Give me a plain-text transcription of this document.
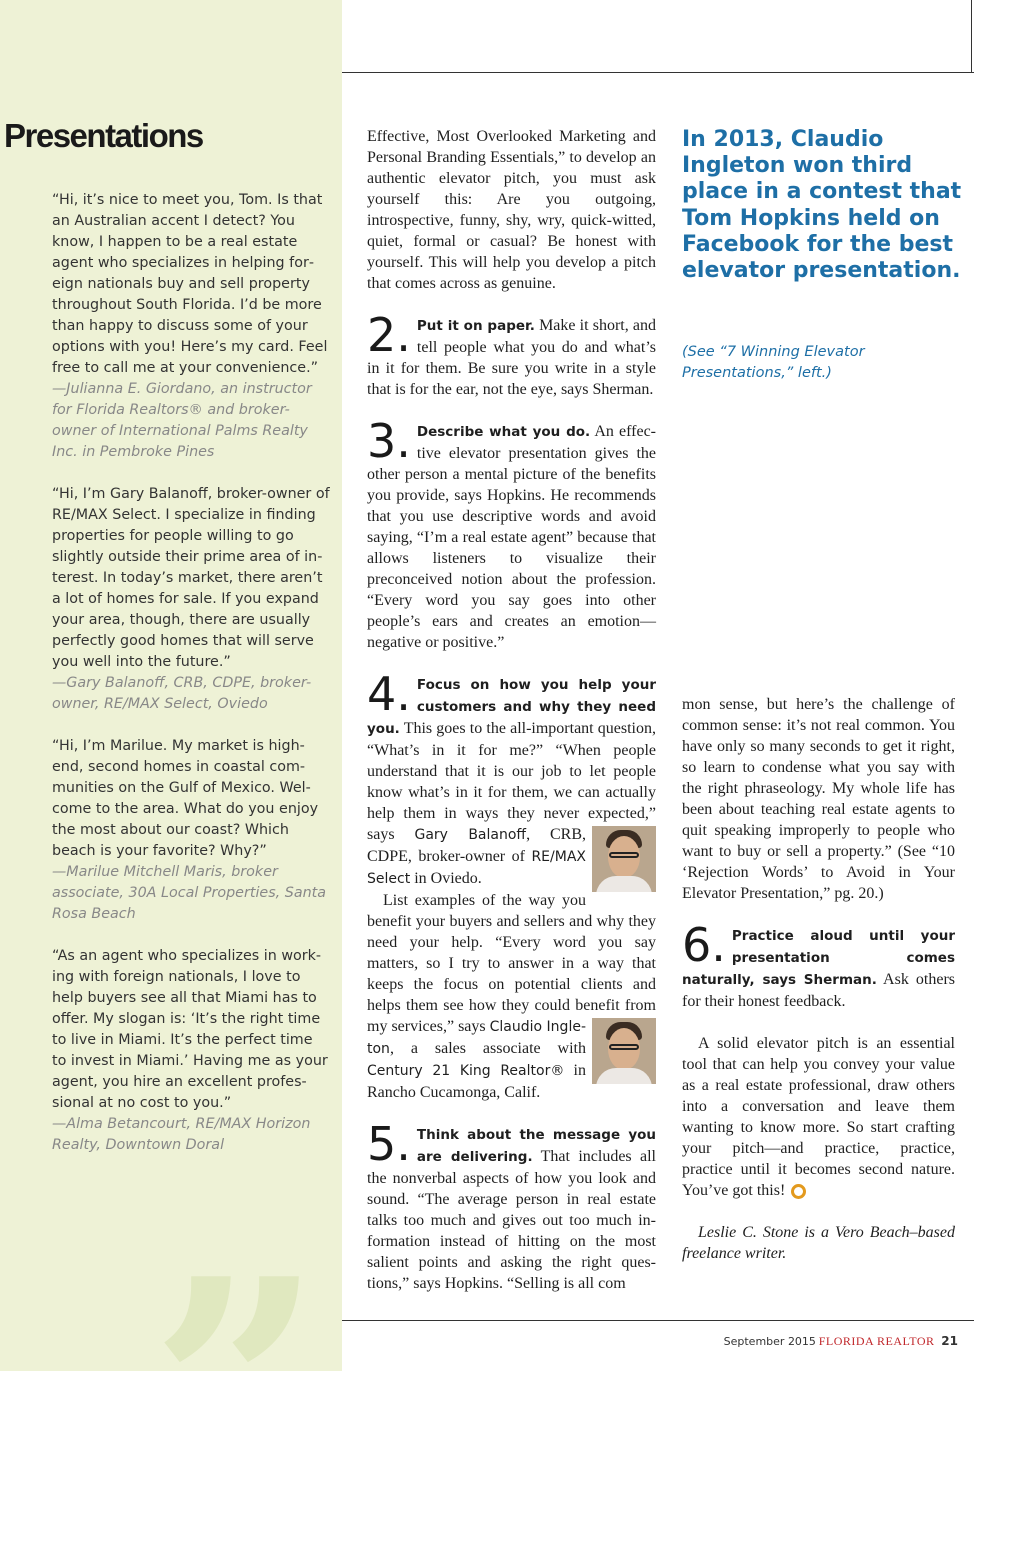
”
Presentations

“Hi, it’s nice to meet you, Tom. Is that an Australian accent I detect? You know, I happen to be a real estate agent who specializes in helping foreign nationals buy and sell property throughout South Florida. I’d be more than happy to discuss some of your options with you! Here’s my card. Feel free to call me at your convenience.”
—Julianna E. Giordano, an instructor for Florida Realtors® and broker-owner of International Palms Realty Inc. in Pembroke Pines

“Hi, I’m Gary Balanoff, broker-owner of RE/MAX Select. I specialize in finding properties for people willing to go slightly outside their prime area of interest. In today’s market, there aren’t a lot of homes for sale. If you expand your area, though, there are usually perfectly good homes that will serve you well into the future.”
—Gary Balanoff, CRB, CDPE, broker-owner, RE/MAX Select, Oviedo

“Hi, I’m Marilue. My market is high-end, second homes in coastal communities on the Gulf of Mexico. Welcome to the area. What do you enjoy the most about our coast? Which beach is your favorite? Why?”
—Marilue Mitchell Maris, broker associate, 30A Local Properties, Santa Rosa Beach

“As an agent who specializes in working with foreign nationals, I love to help buyers see all that Miami has to offer. My slogan is: ‘It’s the right time to live in Miami. It’s the perfect time to invest in Miami.’ Having me as your agent, you hire an excellent professional at no cost to you.”
—Alma Betancourt, RE/MAX Horizon Realty, Downtown Doral

Effective, Most Overlooked Marketing and Personal Branding Essentials,” to develop an authentic elevator pitch, you must ask yourself this: Are you outgoing, introspective, funny, shy, wry, quick-witted, quiet, formal or casual? Be honest with yourself. This will help you develop a pitch that comes across as genuine.

2. Put it on paper. Make it short, and tell people what you do and what’s in it for them. Be sure you write in a style that is for the ear, not the eye, says Sherman.

3. Describe what you do. An effective elevator presentation gives the other person a mental picture of the benefits you provide, says Hopkins. He recommends that you use descriptive words and avoid saying, “I’m a real estate agent” because that allows listeners to visualize their preconceived notion about the profession. “Every word you say goes into other people’s ears and creates an emotion—negative or positive.”

4. Focus on how you help your customers and why they need you. This goes to the all-important question, “What’s in it for me?” “When people understand that it is our job to let people know what’s in it for them, we can actually help them in ways they never expected,” says
Gary Balanoff, CRB, CDPE, broker-owner of RE/MAX Select in Oviedo.

List examples of the way you benefit your buyers and sellers and why they need your help. “Every word you say matters, so I try to answer in a way that keeps the focus on potential clients and helps them see how they could benefit from my services,” says
Claudio Ingleton, a sales associate with Century 21 King Realtor® in Rancho Cucamonga, Calif.

5. Think about the message you are delivering. That includes all the nonverbal aspects of how you look and sound. “The average person in real estate talks too much and gives out too much information instead of hitting on the most salient points and asking the right questions,” says Hopkins. “Selling is all com

In 2013, Claudio Ingleton won third place in a contest that Tom Hopkins held on Facebook for the best elevator presentation.
(See “7 Winning Elevator Presentations,” left.)

mon sense, but here’s the challenge of common sense: it’s not real common. You have only so many seconds to get it right, so learn to condense what you say with the right phraseology. My whole life has been about teaching real estate agents to quit speaking improperly to people who want to buy or sell a property.” (See “10 ‘Rejection Words’ to Avoid in Your Elevator Presentation,” pg. 20.)

6. Practice aloud until your presentation comes naturally, says Sherman. Ask others for their honest feedback.

A solid elevator pitch is an essential tool that can help you convey your value as a real estate professional, draw others into a conversation and leave them wanting to know more. So start crafting your pitch—and practice, practice, practice until it becomes second nature. You’ve got this!

Leslie C. Stone is a Vero Beach–based freelance writer.

September 2015 FLORIDA REALTOR 21
